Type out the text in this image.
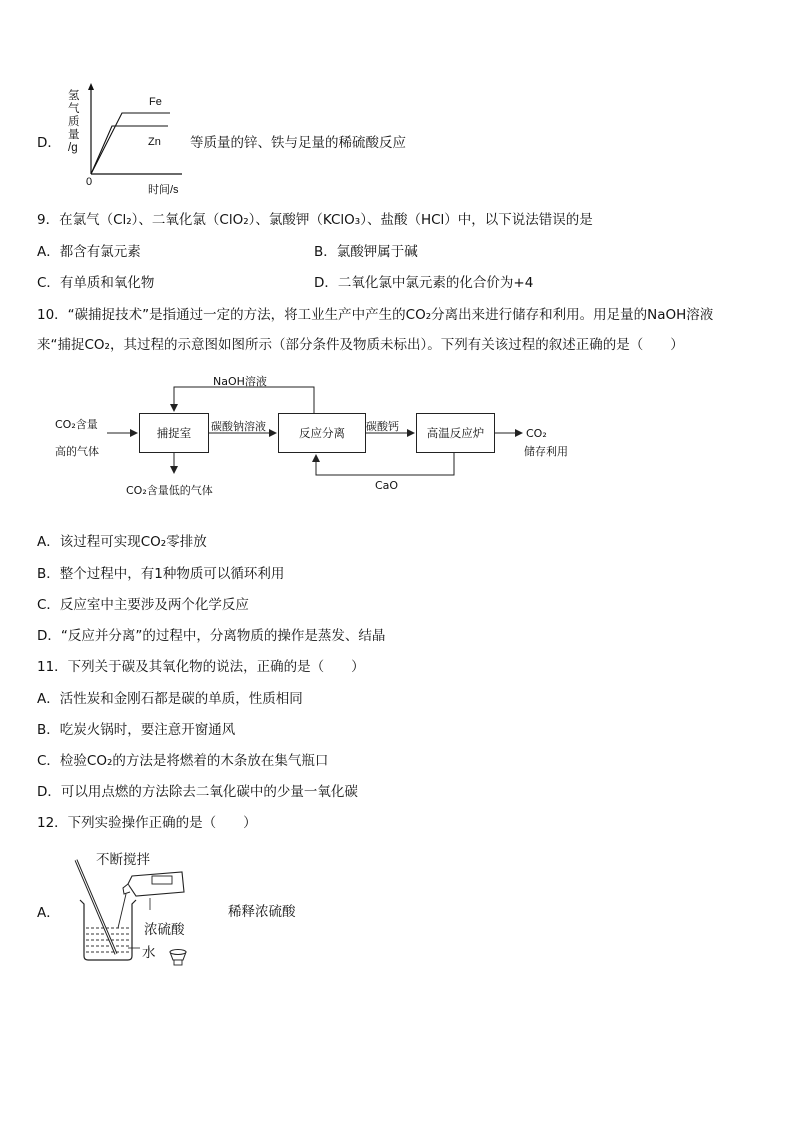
D．
氢
气
质
量
/g
0
时间/s
Fe
Zn 等质量的锌、铁与足量的稀硫酸反应
9．在氯气（Cl₂）、二氧化氯（ClO₂）、氯酸钾（KClO₃）、盐酸（HCl）中，以下说法错误的是
A．都含有氯元素	B．氯酸钾属于碱
C．有单质和氧化物	D．二氧化氯中氯元素的化合价为+4
10．“碳捕捉技术”是指通过一定的方法，将工业生产中产生的CO₂分离出来进行储存和利用。用足量的NaOH溶液
来“捕捉CO₂，其过程的示意图如图所示（部分条件及物质未标出）。下列有关该过程的叙述正确的是（　　）
捕捉室	反应分离	高温反应炉
CO₂含量
高的气体
碳酸钠溶液	碳酸钙
NaOH溶液
CaO
CO₂含量低的气体
CO₂
储存利用
A．该过程可实现CO₂零排放
B．整个过程中，有1种物质可以循环利用
C．反应室中主要涉及两个化学反应
D．“反应并分离”的过程中，分离物质的操作是蒸发、结晶
11．下列关于碳及其氧化物的说法，正确的是（　　）
A．活性炭和金刚石都是碳的单质，性质相同
B．吃炭火锅时，要注意开窗通风
C．检验CO₂的方法是将燃着的木条放在集气瓶口
D．可以用点燃的方法除去二氧化碳中的少量一氧化碳
12．下列实验操作正确的是（　　）
A．
不断搅拌
浓硫酸
水
稀释浓硫酸
